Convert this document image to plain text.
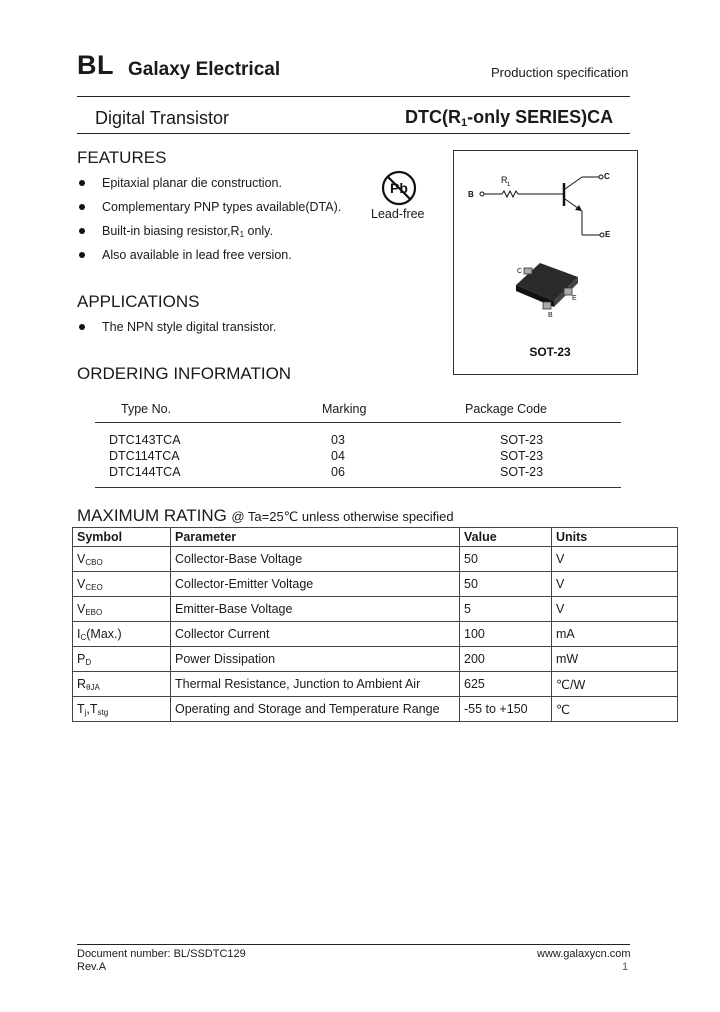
BL Galaxy Electrical	Production specification
Digital Transistor	DTC(R1-only SERIES)CA
FEATURES
Epitaxial planar die construction.
Complementary PNP types available(DTA).
Built-in biasing $resistor,R_1$ only.
Also available in lead free version.
Pb
Lead-free
B
C
E
R 1
C
E
B
SOT-23
APPLICATIONS
The NPN style digital transistor.
ORDERING INFORMATION
Type No.	Marking	Package Code
DTC143TCA	03	SOT-23
DTC114TCA	04	SOT-23
DTC144TCA	06	SOT-23
MAXIMUM RATING @ Ta=25℃ unless otherwise specified
Symbol	Parameter	Value	Units
$V_{CBO}$	Collector-Base Voltage	50	V
$V_{CEO}$	Collector-Emitter Voltage	50	V
$V_{EBO}$	Emitter-Base Voltage	5	V
$I_C(Max.)$	Collector Current	100	mA
$P_D$	Power Dissipation	200	mW
$R_{\theta JA}$	Thermal Resistance, Junction to Ambient Air	625	℃/W
$T_j,T_{stg}$	Operating and Storage and Temperature Range	-55 to +150	℃
Document number: BL/SSDTC129
Rev.A
www.galaxycn.com
1
